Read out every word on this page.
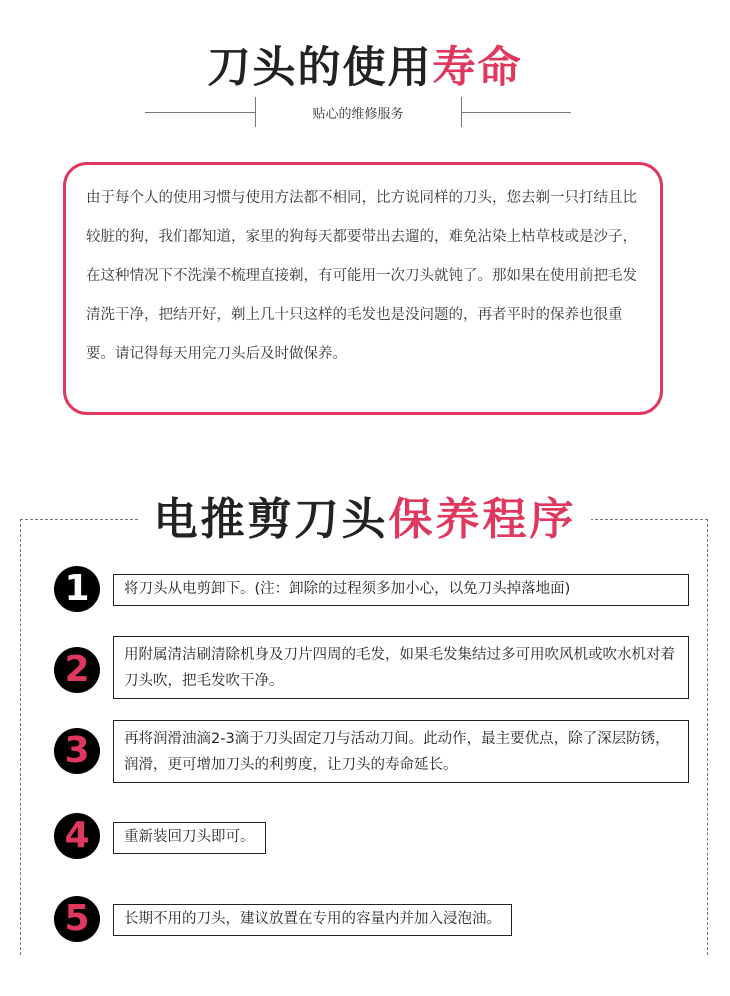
刀头的使用寿命
贴心的维修服务
由于每个人的使用习惯与使用方法都不相同，比方说同样的刀头，您去剃一只打结且比较脏的狗，我们都知道，家里的狗每天都要带出去遛的，难免沾染上枯草枝或是沙子，在这种情况下不洗澡不梳理直接剃，有可能用一次刀头就钝了。那如果在使用前把毛发清洗干净，把结开好，剃上几十只这样的毛发也是没问题的，再者平时的保养也很重要。请记得每天用完刀头后及时做保养。
电推剪刀头保养程序
1	将刀头从电剪卸下。(注：卸除的过程须多加小心，以免刀头掉落地面)
2	用附属清洁刷清除机身及刀片四周的毛发，如果毛发集结过多可用吹风机或吹水机对着刀头吹，把毛发吹干净。
3	再将润滑油滴2-3滴于刀头固定刀与活动刀间。此动作，最主要优点，除了深层防锈，润滑，更可增加刀头的利剪度，让刀头的寿命延长。
4	重新装回刀头即可。
5	长期不用的刀头，建议放置在专用的容量内并加入浸泡油。
